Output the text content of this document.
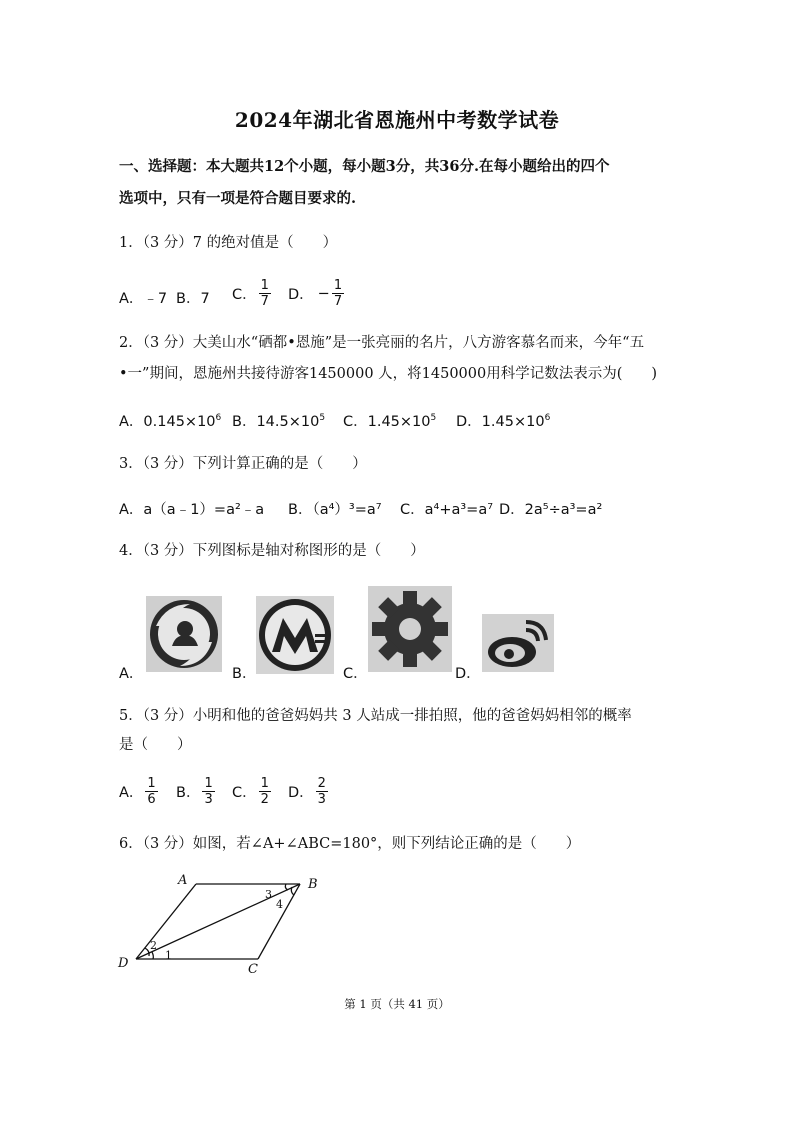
2024年湖北省恩施州中考数学试卷
一、选择题：本大题共12个小题，每小题3分，共36分.在每小题给出的四个
选项中，只有一项是符合题目要求的.
1．（3 分）7 的绝对值是（　　）
A．﹣7 B．7 C． $\frac{1}{7}$ D． − $\frac{1}{7}$
2．（3 分）大美山水“硒都•恩施”是一张亮丽的名片，八方游客慕名而来，今年“五
•一”期间，恩施州共接待游客1450000 人，将1450000用科学记数法表示为(　　)
A．$0.145\times 10^6$ B．$14.5\times 10^5$ C．$1.45\times 10^5$ D．$1.45\times 10^6$
3．（3 分）下列计算正确的是（　　）
A．a（a﹣1）=a²﹣a B．（a⁴）³=a⁷ C．a⁴+a³=a⁷ D．2a⁵÷a³=a²
4．（3 分）下列图标是轴对称图形的是（　　）
A．	B．	C．	D．
5．（3 分）小明和他的爸爸妈妈共 3 人站成一排拍照，他的爸爸妈妈相邻的概率
是（　　）
A． $\frac{1}{6}$ B． $\frac{1}{3}$ C． $\frac{1}{2}$ D． $\frac{2}{3}$
6．（3 分）如图，若∠A+∠ABC=180°，则下列结论正确的是（　　）
A	B
C
D
1
2
3
4
第 1 页（共 41 页）
